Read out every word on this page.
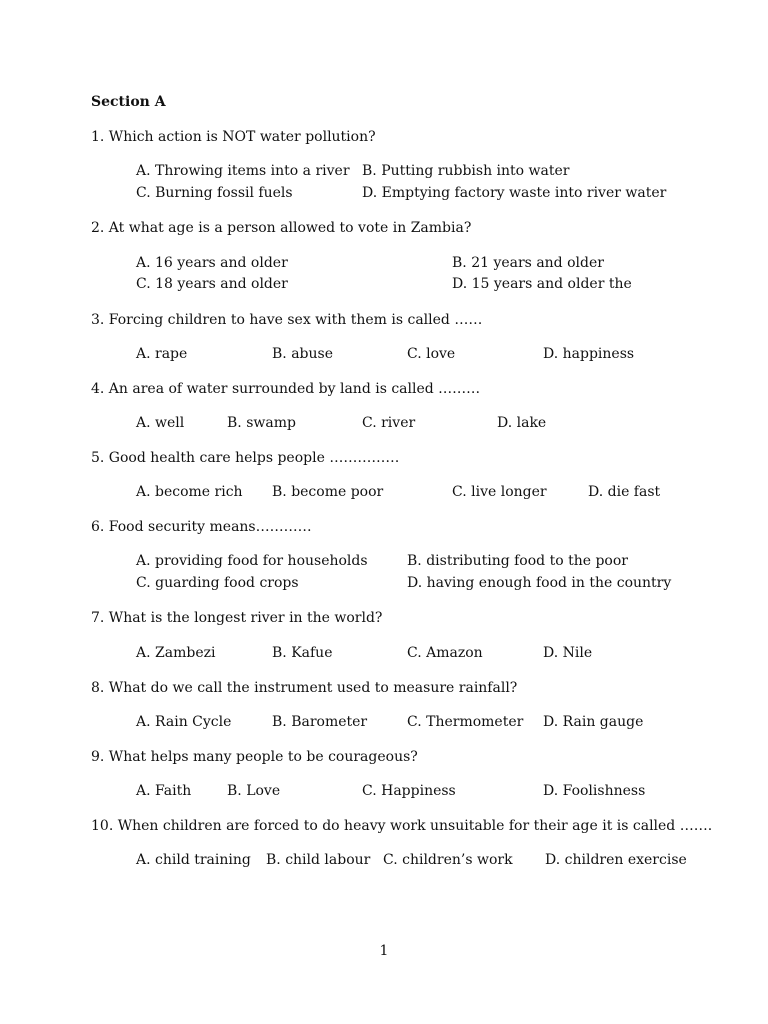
Section A
1. Which action is NOT water pollution?
A. Throwing items into a river B. Putting rubbish into water
C. Burning fossil fuels	D. Emptying factory waste into river water
2. At what age is a person allowed to vote in Zambia?
A. 16 years and older	B. 21 years and older
C. 18 years and older	D. 15 years and older the
3. Forcing children to have sex with them is called ……
A. rape	B. abuse	C. love	D. happiness
4. An area of water surrounded by land is called ………
A. well	B. swamp	C. river	D. lake
5. Good health care helps people ……………
A. become rich B. become poor	C. live longer	D. die fast
6. Food security means…………
A. providing food for households	B. distributing food to the poor
C. guarding food crops	D. having enough food in the country
7. What is the longest river in the world?
A. Zambezi	B. Kafue	C. Amazon	D. Nile
8. What do we call the instrument used to measure rainfall?
A. Rain Cycle	B. Barometer	C. Thermometer D. Rain gauge
9. What helps many people to be courageous?
A. Faith	B. Love	C. Happiness	D. Foolishness
10. When children are forced to do heavy work unsuitable for their age it is called …….
A. child training B. child labour C. children’s work D. children exercise
1
